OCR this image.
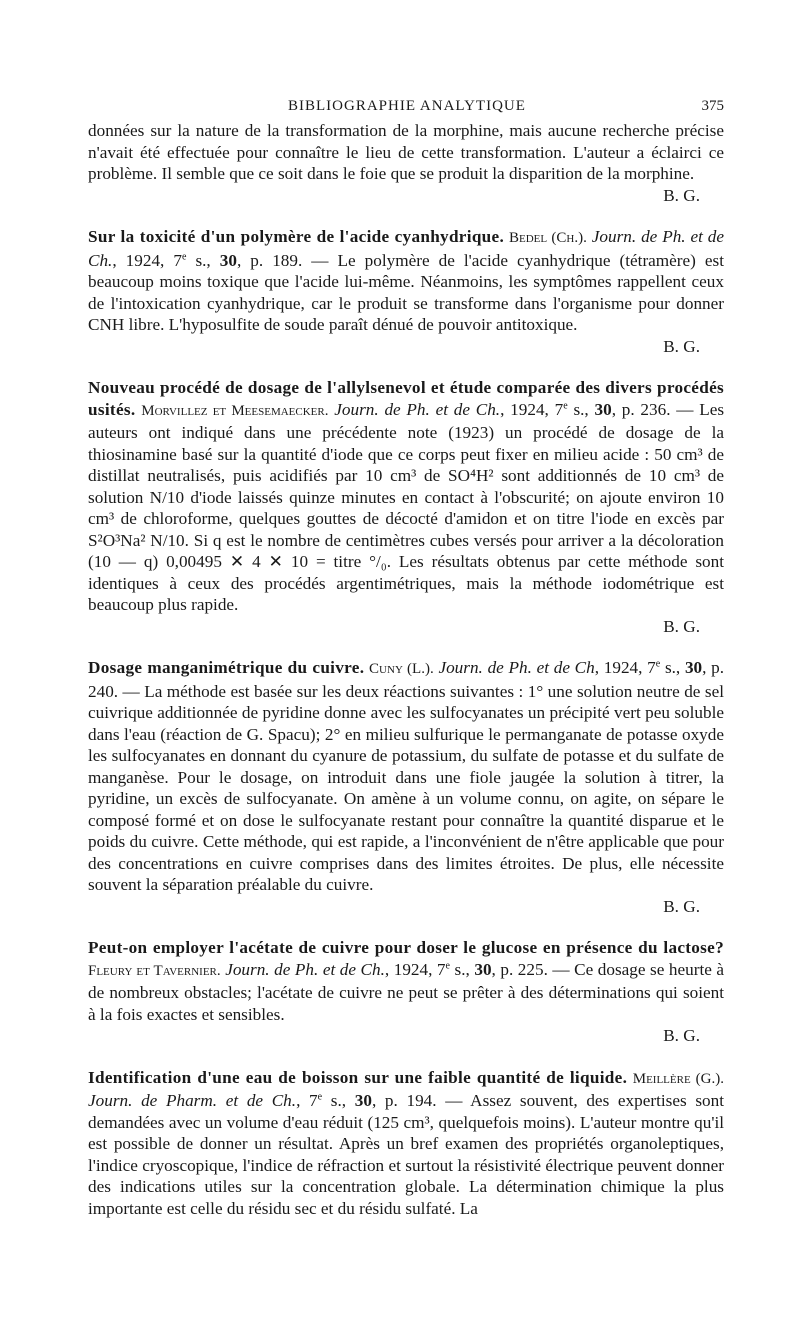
BIBLIOGRAPHIE ANALYTIQUE	375

données sur la nature de la transformation de la morphine, mais aucune recherche précise n'avait été effectuée pour connaître le lieu de cette transformation. L'auteur a éclairci ce problème. Il semble que ce soit dans le foie que se produit la disparition de la morphine.
B. G.

Sur la toxicité d'un polymère de l'acide cyanhydrique. Bedel (Ch.). Journ. de Ph. et de Ch., 1924, 7e s., 30, p. 189. — Le polymère de l'acide cyanhydrique (tétramère) est beaucoup moins toxique que l'acide lui-même. Néanmoins, les symptômes rappellent ceux de l'intoxication cyanhydrique, car le produit se transforme dans l'organisme pour donner CNH libre. L'hyposulfite de soude paraît dénué de pouvoir antitoxique.
B. G.

Nouveau procédé de dosage de l'allylsenevol et étude comparée des divers procédés usités. Morvillez et Meesemaecker. Journ. de Ph. et de Ch., 1924, 7e s., 30, p. 236. — Les auteurs ont indiqué dans une précédente note (1923) un procédé de dosage de la thiosinamine basé sur la quantité d'iode que ce corps peut fixer en milieu acide : 50 cm³ de distillat neutralisés, puis acidifiés par 10 cm³ de SO⁴H² sont additionnés de 10 cm³ de solution N/10 d'iode laissés quinze minutes en contact à l'obscurité; on ajoute environ 10 cm³ de chloroforme, quelques gouttes de décocté d'amidon et on titre l'iode en excès par S²O³Na² N/10. Si q est le nombre de centimètres cubes versés pour arriver a la décoloration (10 — q) 0,00495 ✕ 4 ✕ 10 = titre °/₀. Les résultats obtenus par cette méthode sont identiques à ceux des procédés argentimétriques, mais la méthode iodométrique est beaucoup plus rapide.
B. G.

Dosage manganimétrique du cuivre. Cuny (L.). Journ. de Ph. et de Ch, 1924, 7e s., 30, p. 240. — La méthode est basée sur les deux réactions suivantes : 1° une solution neutre de sel cuivrique additionnée de pyridine donne avec les sulfocyanates un précipité vert peu soluble dans l'eau (réaction de G. Spacu); 2° en milieu sulfurique le permanganate de potasse oxyde les sulfocyanates en donnant du cyanure de potassium, du sulfate de potasse et du sulfate de manganèse. Pour le dosage, on introduit dans une fiole jaugée la solution à titrer, la pyridine, un excès de sulfocyanate. On amène à un volume connu, on agite, on sépare le composé formé et on dose le sulfocyanate restant pour connaître la quantité disparue et le poids du cuivre. Cette méthode, qui est rapide, a l'inconvénient de n'être applicable que pour des concentrations en cuivre comprises dans des limites étroites. De plus, elle nécessite souvent la séparation préalable du cuivre.
B. G.

Peut-on employer l'acétate de cuivre pour doser le glucose en présence du lactose? Fleury et Tavernier. Journ. de Ph. et de Ch., 1924, 7e s., 30, p. 225. — Ce dosage se heurte à de nombreux obstacles; l'acétate de cuivre ne peut se prêter à des déterminations qui soient à la fois exactes et sensibles.
B. G.

Identification d'une eau de boisson sur une faible quantité de liquide. Meillère (G.). Journ. de Pharm. et de Ch., 7e s., 30, p. 194. — Assez souvent, des expertises sont demandées avec un volume d'eau réduit (125 cm³, quelquefois moins). L'auteur montre qu'il est possible de donner un résultat. Après un bref examen des propriétés organoleptiques, l'indice cryoscopique, l'indice de réfraction et surtout la résistivité électrique peuvent donner des indications utiles sur la concentration globale. La détermination chimique la plus importante est celle du résidu sec et du résidu sulfaté. La
